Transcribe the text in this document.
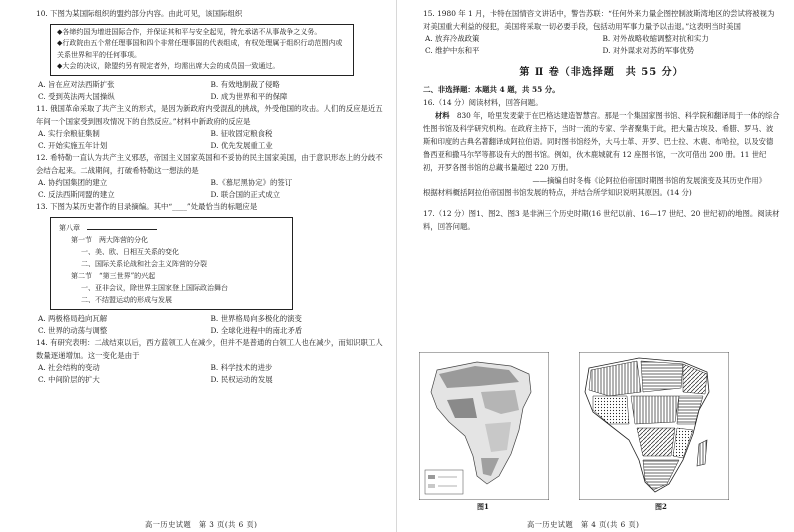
10. 下图为某国际组织的盟约部分内容。由此可见，该国际组织

◆各缔约国为增进国际合作，并保证其和平与安全起见，特允承诺不从事战争之义务。

◆行政院由五个常任理事国和四个非常任理事国的代表组成，有权处理属于组织行动范围内或关系世界和平的任何事项。

◆大会的决议，除盟约另有规定者外，均需出席大会的成员国一致通过。

A. 旨在应对法西斯扩张	B. 有效地制裁了侵略
C. 受到英法两大国操纵	D. 成为世界和平的保障

11. 俄国革命采取了共产主义的形式，是因为新政府内受混乱的挑战，外受他国的攻击。人们的反应是近五年间一个国家受到围攻情况下的自然反应。”材料中新政府的反应是

A. 实行余粮征集制	B. 征收固定粮食税
C. 开始实施五年计划	D. 优先发展重工业

12. 希特勒一直认为共产主义邪恶，帝国主义国家英国和不妥协的民主国家美国，由于意识形态上的分歧不会结合起来。二战期间，打破希特勒这一想法的是

A. 协约国集团的建立	B.《慕尼黑协定》的签订
C. 反法西斯同盟的建立	D. 联合国的正式成立

13. 下图为某历史著作的目录摘编。其中“____”处最恰当的标题应是

第八章　

第一节　两大阵营的分化

一、美、欧、日相互关系的变化

二、国际关系论战和社会主义阵营的分裂

第二节　“第三世界”的兴起

一、亚非会议，除世界主国家登上国际政治舞台

二、不结盟运动的形成与发展

A. 两极格局趋向瓦解	B. 世界格局向多极化的演变
C. 世界的动荡与调整	D. 全球化进程中的南北矛盾

14. 有研究表明：二战结束以后，西方蓝领工人在减少，但并不是普通的白领工人也在减少，而知识职工人数量逐递增加。这一变化是由于

A. 社会结构的变动	B. 科学技术的进步
C. 中间阶层的扩大	D. 民权运动的发展
高一历史试题　第 3 页(共 6 页)

15. 1980 年 1 月，卡特在国情咨文讲话中，警告苏联：“任何外来力量企图控制波斯湾地区的尝试将被视为对美国重大利益的侵犯，美国将采取一切必要手段，包括动用军事力量予以击退。”这表明当时美国

A. 放弃冷战政策	B. 对外战略收缩调整对抗和实力
C. 维护中东和平	D. 对外谋求对苏的军事优势
第 Ⅱ 卷（非选择题　共 55 分）

二、非选择题：本题共 4 题，共 55 分。

16.（14 分）阅读材料，回答问题。

材料　 830 年，哈里发麦蒙于在巴格达建造智慧宫。那是一个集国家图书馆、科学院和翻译局于一体的综合性图书馆及科学研究机构。在政府主持下，当时一流的专家、学者聚集于此，把大量古埃及、希腊、罗马、波斯和印度的古典名著翻译成阿拉伯语。同时图书馆经外，大马士革、开罗、巴士拉、木鹿、布哈拉，以及安德鲁西亚和撒马尔罕等都设有大的图书馆。例如，伙木鹿城就有 12 座图书馆，一次可借出 200 册。11 世纪初，开罗各图书馆的总藏书量超过 220 万册。

——摘编自时冬梅《论阿拉伯帝国时期图书馆的发展演变及其历史作用》

根据材料概括阿拉伯帝国图书馆发展的特点，并结合所学知识说明其原因。(14 分)

17.（12 分）图1、图2、图3 是非洲三个历史时期(16 世纪以前、16—17 世纪、20 世纪初)的地图。阅读材料，回答问题。

图1	图2
高一历史试题　第 4 页(共 6 页)
